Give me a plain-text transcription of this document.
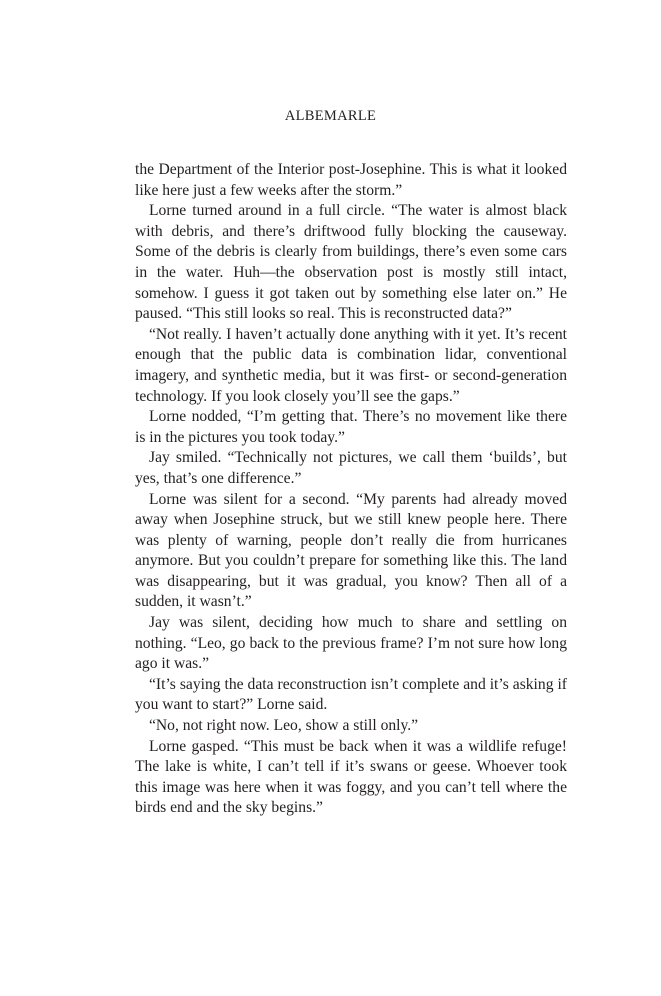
ALBEMARLE

the Department of the Interior post-Josephine. This is what it looked like here just a few weeks after the storm.”

Lorne turned around in a full circle. “The water is almost black with debris, and there’s driftwood fully blocking the causeway. Some of the debris is clearly from buildings, there’s even some cars in the water. Huh—the observation post is mostly still intact, somehow. I guess it got taken out by something else later on.” He paused. “This still looks so real. This is reconstructed data?”

“Not really. I haven’t actually done anything with it yet. It’s recent enough that the public data is combination lidar, conventional imagery, and synthetic media, but it was first- or second-generation technology. If you look closely you’ll see the gaps.”

Lorne nodded, “I’m getting that. There’s no movement like there is in the pictures you took today.”

Jay smiled. “Technically not pictures, we call them ‘builds’, but yes, that’s one difference.”

Lorne was silent for a second. “My parents had already moved away when Josephine struck, but we still knew people here. There was plenty of warning, people don’t really die from hurricanes anymore. But you couldn’t prepare for something like this. The land was disappearing, but it was gradual, you know? Then all of a sudden, it wasn’t.”

Jay was silent, deciding how much to share and settling on nothing. “Leo, go back to the previous frame? I’m not sure how long ago it was.”

“It’s saying the data reconstruction isn’t complete and it’s asking if you want to start?” Lorne said.

“No, not right now. Leo, show a still only.”

Lorne gasped. “This must be back when it was a wildlife refuge! The lake is white, I can’t tell if it’s swans or geese. Whoever took this image was here when it was foggy, and you can’t tell where the birds end and the sky begins.”
